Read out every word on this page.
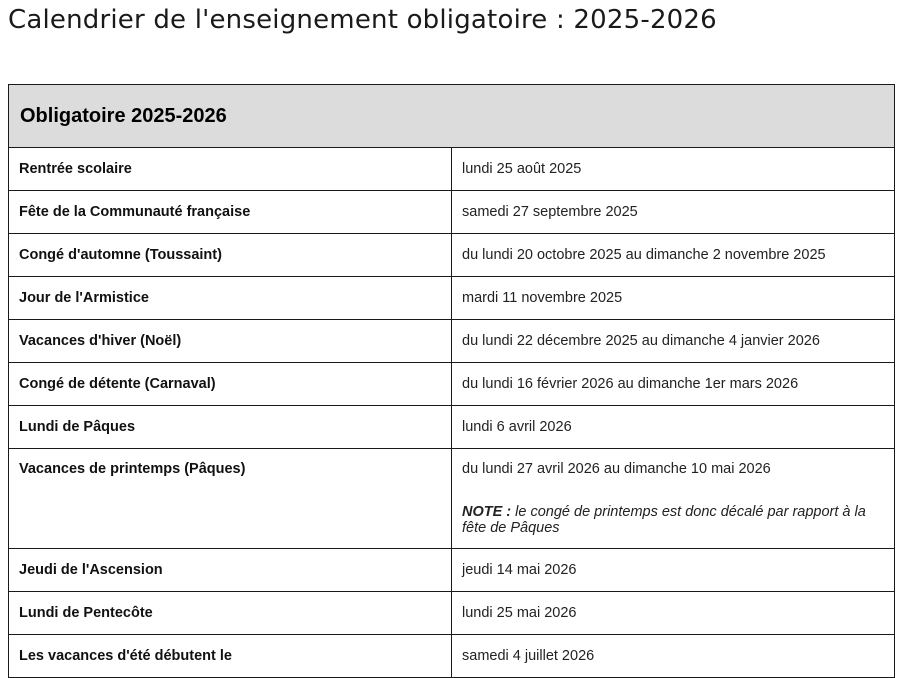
Calendrier de l'enseignement obligatoire : 2025-2026
Obligatoire 2025-2026	
Rentrée scolaire	lundi 25 août 2025
Fête de la Communauté française	samedi 27 septembre 2025
Congé d'automne (Toussaint)	du lundi 20 octobre 2025 au dimanche 2 novembre 2025
Jour de l'Armistice	mardi 11 novembre 2025
Vacances d'hiver (Noël)	du lundi 22 décembre 2025 au dimanche 4 janvier 2026
Congé de détente (Carnaval)	du lundi 16 février 2026 au dimanche 1er mars 2026
Lundi de Pâques	lundi 6 avril 2026
Vacances de printemps (Pâques)	du lundi 27 avril 2026 au dimanche 10 mai 2026
NOTE : le congé de printemps est donc décalé par rapport à la fête de Pâques

Jeudi de l'Ascension	jeudi 14 mai 2026
Lundi de Pentecôte	lundi 25 mai 2026
Les vacances d'été débutent le	samedi 4 juillet 2026
